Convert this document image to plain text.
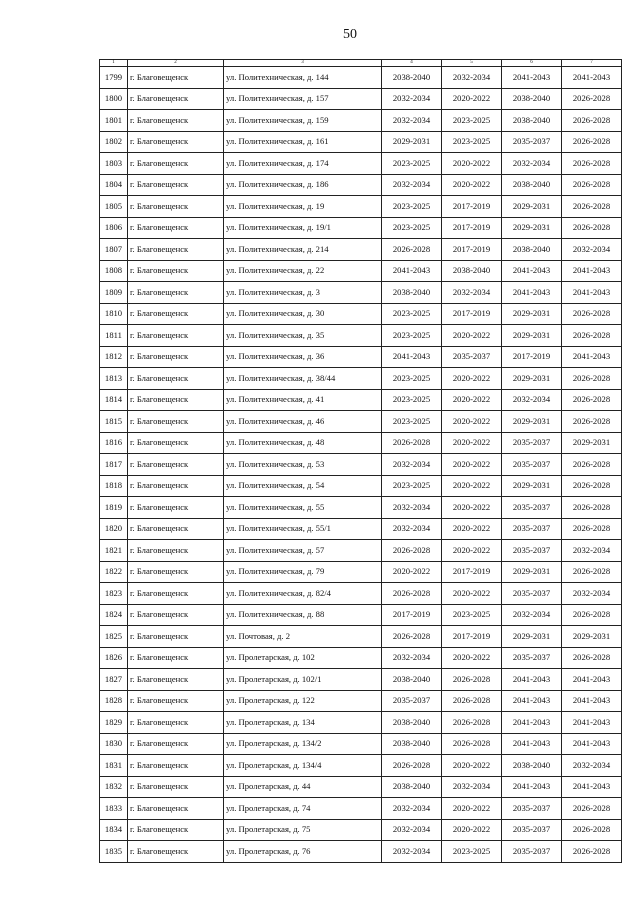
50
1	2	3	4	5	6	7
1799	г. Благовещенск	ул. Политехническая, д. 144	2038-2040	2032-2034	2041-2043	2041-2043
1800	г. Благовещенск	ул. Политехническая, д. 157	2032-2034	2020-2022	2038-2040	2026-2028
1801	г. Благовещенск	ул. Политехническая, д. 159	2032-2034	2023-2025	2038-2040	2026-2028
1802	г. Благовещенск	ул. Политехническая, д. 161	2029-2031	2023-2025	2035-2037	2026-2028
1803	г. Благовещенск	ул. Политехническая, д. 174	2023-2025	2020-2022	2032-2034	2026-2028
1804	г. Благовещенск	ул. Политехническая, д. 186	2032-2034	2020-2022	2038-2040	2026-2028
1805	г. Благовещенск	ул. Политехническая, д. 19	2023-2025	2017-2019	2029-2031	2026-2028
1806	г. Благовещенск	ул. Политехническая, д. 19/1	2023-2025	2017-2019	2029-2031	2026-2028
1807	г. Благовещенск	ул. Политехническая, д. 214	2026-2028	2017-2019	2038-2040	2032-2034
1808	г. Благовещенск	ул. Политехническая, д. 22	2041-2043	2038-2040	2041-2043	2041-2043
1809	г. Благовещенск	ул. Политехническая, д. 3	2038-2040	2032-2034	2041-2043	2041-2043
1810	г. Благовещенск	ул. Политехническая, д. 30	2023-2025	2017-2019	2029-2031	2026-2028
1811	г. Благовещенск	ул. Политехническая, д. 35	2023-2025	2020-2022	2029-2031	2026-2028
1812	г. Благовещенск	ул. Политехническая, д. 36	2041-2043	2035-2037	2017-2019	2041-2043
1813	г. Благовещенск	ул. Политехническая, д. 38/44	2023-2025	2020-2022	2029-2031	2026-2028
1814	г. Благовещенск	ул. Политехническая, д. 41	2023-2025	2020-2022	2032-2034	2026-2028
1815	г. Благовещенск	ул. Политехническая, д. 46	2023-2025	2020-2022	2029-2031	2026-2028
1816	г. Благовещенск	ул. Политехническая, д. 48	2026-2028	2020-2022	2035-2037	2029-2031
1817	г. Благовещенск	ул. Политехническая, д. 53	2032-2034	2020-2022	2035-2037	2026-2028
1818	г. Благовещенск	ул. Политехническая, д. 54	2023-2025	2020-2022	2029-2031	2026-2028
1819	г. Благовещенск	ул. Политехническая, д. 55	2032-2034	2020-2022	2035-2037	2026-2028
1820	г. Благовещенск	ул. Политехническая, д. 55/1	2032-2034	2020-2022	2035-2037	2026-2028
1821	г. Благовещенск	ул. Политехническая, д. 57	2026-2028	2020-2022	2035-2037	2032-2034
1822	г. Благовещенск	ул. Политехническая, д. 79	2020-2022	2017-2019	2029-2031	2026-2028
1823	г. Благовещенск	ул. Политехническая, д. 82/4	2026-2028	2020-2022	2035-2037	2032-2034
1824	г. Благовещенск	ул. Политехническая, д. 88	2017-2019	2023-2025	2032-2034	2026-2028
1825	г. Благовещенск	ул. Почтовая, д. 2	2026-2028	2017-2019	2029-2031	2029-2031
1826	г. Благовещенск	ул. Пролетарская, д. 102	2032-2034	2020-2022	2035-2037	2026-2028
1827	г. Благовещенск	ул. Пролетарская, д. 102/1	2038-2040	2026-2028	2041-2043	2041-2043
1828	г. Благовещенск	ул. Пролетарская, д. 122	2035-2037	2026-2028	2041-2043	2041-2043
1829	г. Благовещенск	ул. Пролетарская, д. 134	2038-2040	2026-2028	2041-2043	2041-2043
1830	г. Благовещенск	ул. Пролетарская, д. 134/2	2038-2040	2026-2028	2041-2043	2041-2043
1831	г. Благовещенск	ул. Пролетарская, д. 134/4	2026-2028	2020-2022	2038-2040	2032-2034
1832	г. Благовещенск	ул. Пролетарская, д. 44	2038-2040	2032-2034	2041-2043	2041-2043
1833	г. Благовещенск	ул. Пролетарская, д. 74	2032-2034	2020-2022	2035-2037	2026-2028
1834	г. Благовещенск	ул. Пролетарская, д. 75	2032-2034	2020-2022	2035-2037	2026-2028
1835	г. Благовещенск	ул. Пролетарская, д. 76	2032-2034	2023-2025	2035-2037	2026-2028
